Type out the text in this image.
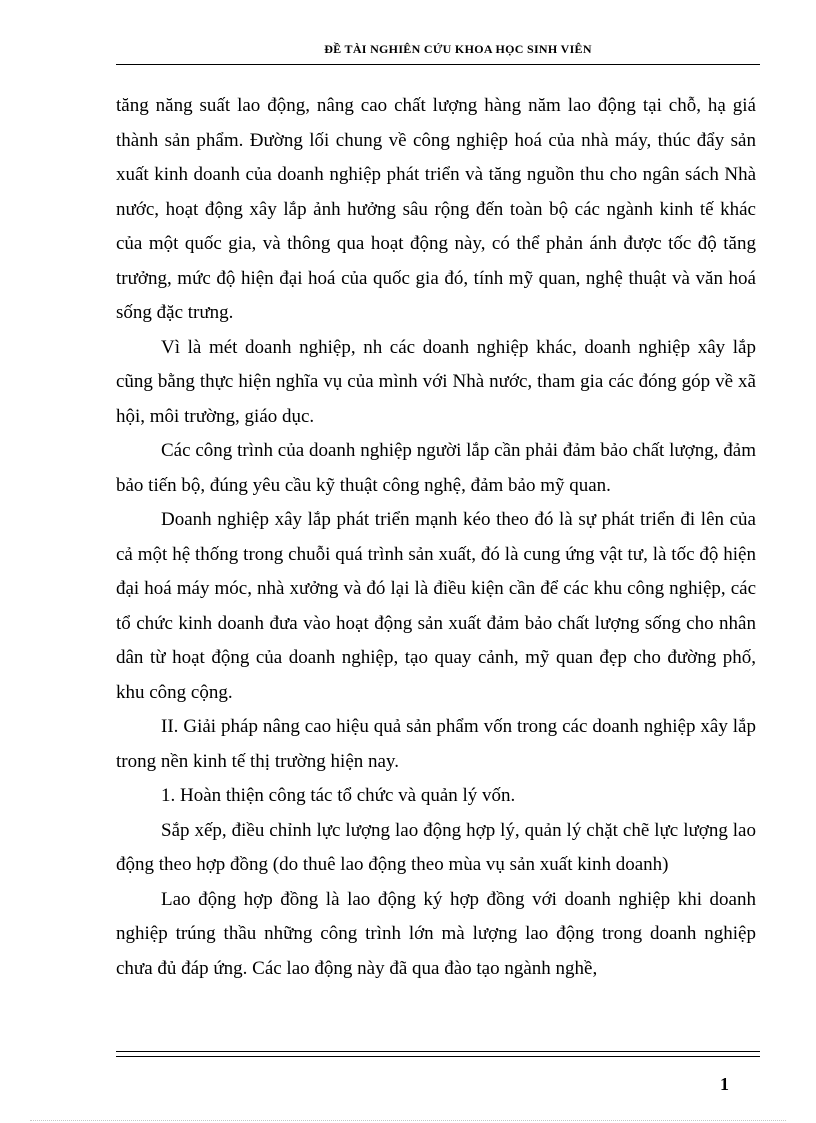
ĐỀ TÀI NGHIÊN CỨU KHOA HỌC SINH VIÊN

tăng năng suất lao động, nâng cao chất lượng hàng năm lao động tại chỗ, hạ giá thành sản phẩm. Đường lối chung về công nghiệp hoá của nhà máy, thúc đẩy sản xuất kinh doanh của doanh nghiệp phát triển và tăng nguồn thu cho ngân sách Nhà nước, hoạt động xây lắp ảnh hưởng sâu rộng đến toàn bộ các ngành kinh tế khác của một quốc gia, và thông qua hoạt động này, có thể phản ánh được tốc độ tăng trưởng, mức độ hiện đại hoá của quốc gia đó, tính mỹ quan, nghệ thuật và văn hoá sống đặc trưng.

Vì là mét doanh nghiệp, nh các doanh nghiệp khác, doanh nghiệp xây lắp cũng bằng thực hiện nghĩa vụ của mình với Nhà nước, tham gia các đóng góp về xã hội, môi trường, giáo dục.

Các công trình của doanh nghiệp người lắp cần phải đảm bảo chất lượng, đảm bảo tiến bộ, đúng yêu cầu kỹ thuật công nghệ, đảm bảo mỹ quan.

Doanh nghiệp xây lắp phát triển mạnh kéo theo đó là sự phát triển đi lên của cả một hệ thống trong chuỗi quá trình sản xuất, đó là cung ứng vật tư, là tốc độ hiện đại hoá máy móc, nhà xưởng và đó lại là điều kiện cần để các khu công nghiệp, các tổ chức kinh doanh đưa vào hoạt động sản xuất đảm bảo chất lượng sống cho nhân dân từ hoạt động của doanh nghiệp, tạo quay cảnh, mỹ quan đẹp cho đường phố, khu công cộng.

II. Giải pháp nâng cao hiệu quả sản phẩm vốn trong các doanh nghiệp xây lắp trong nền kinh tế thị trường hiện nay.

1. Hoàn thiện công tác tổ chức và quản lý vốn.

Sắp xếp, điều chỉnh lực lượng lao động hợp lý, quản lý chặt chẽ lực lượng lao động theo hợp đồng (do thuê lao động theo mùa vụ sản xuất kinh doanh)

Lao động hợp đồng là lao động ký hợp đồng với doanh nghiệp khi doanh nghiệp trúng thầu những công trình lớn mà lượng lao động trong doanh nghiệp chưa đủ đáp ứng. Các lao động này đã qua đào tạo ngành nghề,

1
